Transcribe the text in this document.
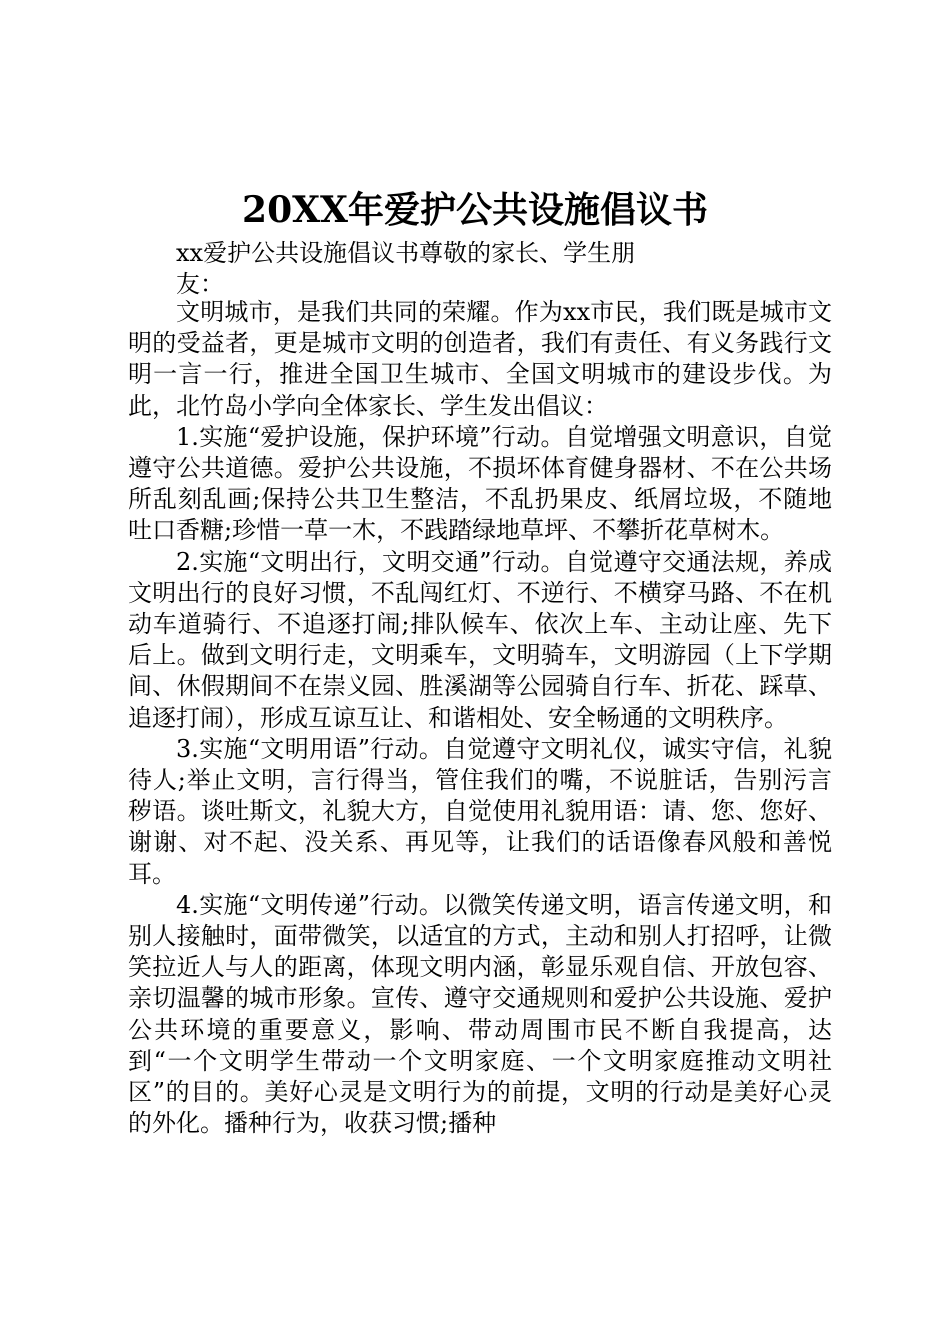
20XX年爱护公共设施倡议书

xx爱护公共设施倡议书尊敬的家长、学生朋友：

文明城市，是我们共同的荣耀。作为xx市民，我们既是城市文明的受益者，更是城市文明的创造者，我们有责任、有义务践行文明一言一行，推进全国卫生城市、全国文明城市的建设步伐。为此，北竹岛小学向全体家长、学生发出倡议：

1.实施“爱护设施，保护环境”行动。自觉增强文明意识，自觉遵守公共道德。爱护公共设施，不损坏体育健身器材、不在公共场所乱刻乱画;保持公共卫生整洁，不乱扔果皮、纸屑垃圾，不随地吐口香糖;珍惜一草一木，不践踏绿地草坪、不攀折花草树木。

2.实施“文明出行，文明交通”行动。自觉遵守交通法规，养成文明出行的良好习惯，不乱闯红灯、不逆行、不横穿马路、不在机动车道骑行、不追逐打闹;排队候车、依次上车、主动让座、先下后上。做到文明行走，文明乘车，文明骑车，文明游园（上下学期间、休假期间不在崇义园、胜溪湖等公园骑自行车、折花、踩草、追逐打闹），形成互谅互让、和谐相处、安全畅通的文明秩序。

3.实施“文明用语”行动。自觉遵守文明礼仪，诚实守信，礼貌待人;举止文明，言行得当，管住我们的嘴，不说脏话，告别污言秽语。谈吐斯文，礼貌大方，自觉使用礼貌用语：请、您、您好、谢谢、对不起、没关系、再见等，让我们的话语像春风般和善悦耳。

4.实施“文明传递”行动。以微笑传递文明，语言传递文明，和别人接触时，面带微笑，以适宜的方式，主动和别人打招呼，让微笑拉近人与人的距离，体现文明内涵，彰显乐观自信、开放包容、亲切温馨的城市形象。宣传、遵守交通规则和爱护公共设施、爱护公共环境的重要意义，影响、带动周围市民不断自我提高，达到“一个文明学生带动一个文明家庭、一个文明家庭推动文明社区”的目的。美好心灵是文明行为的前提，文明的行动是美好心灵的外化。播种行为，收获习惯;播种
